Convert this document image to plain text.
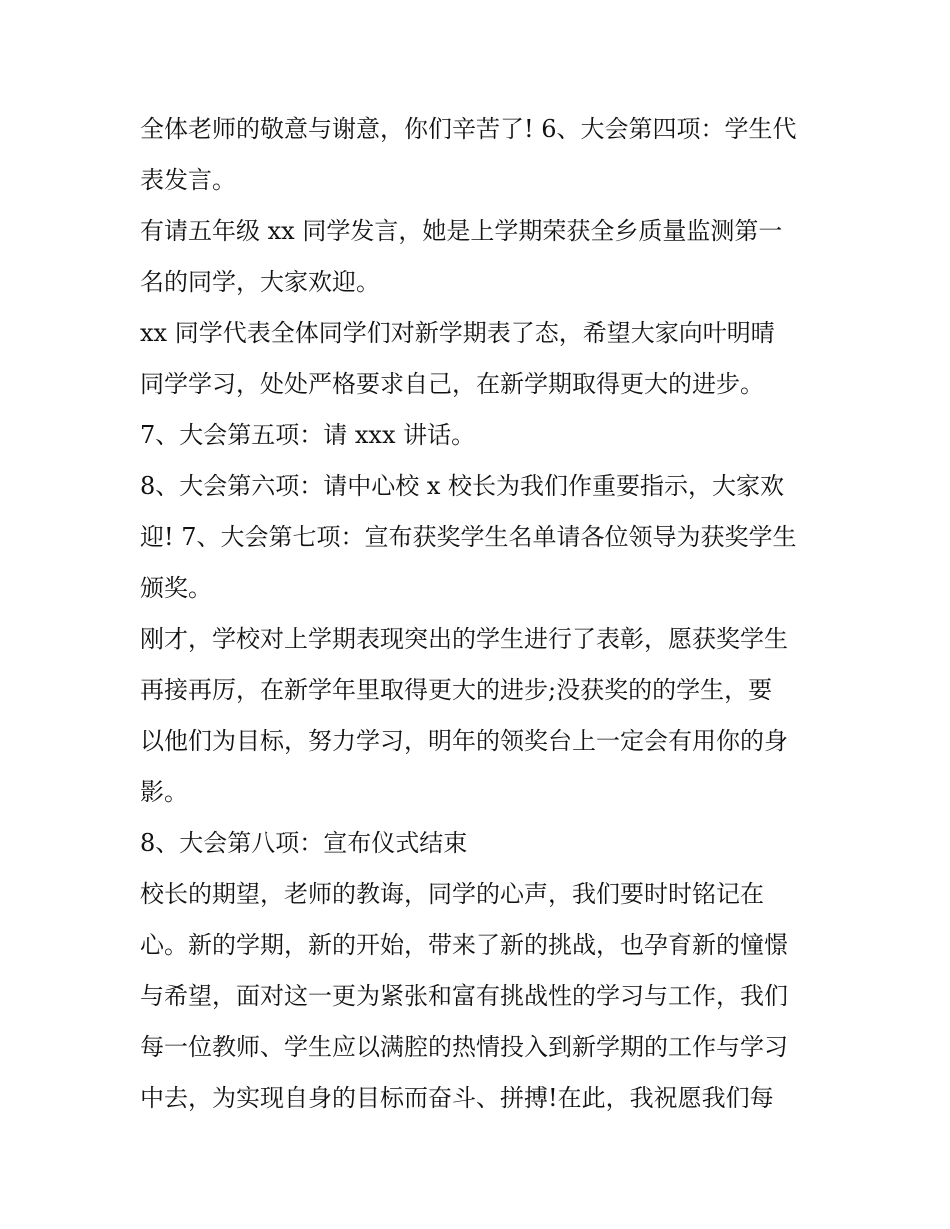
全体老师的敬意与谢意，你们辛苦了! 6、大会第四项：学生代
表发言。
有请五年级 xx 同学发言，她是上学期荣获全乡质量监测第一
名的同学，大家欢迎。
xx 同学代表全体同学们对新学期表了态，希望大家向叶明晴
同学学习，处处严格要求自己，在新学期取得更大的进步。
7、大会第五项：请 xxx 讲话。
8、大会第六项：请中心校 x 校长为我们作重要指示，大家欢
迎! 7、大会第七项：宣布获奖学生名单请各位领导为获奖学生
颁奖。
刚才，学校对上学期表现突出的学生进行了表彰，愿获奖学生
再接再厉，在新学年里取得更大的进步;没获奖的的学生，要
以他们为目标，努力学习，明年的领奖台上一定会有用你的身
影。
8、大会第八项：宣布仪式结束
校长的期望，老师的教诲，同学的心声，我们要时时铭记在
心。新的学期，新的开始，带来了新的挑战，也孕育新的憧憬
与希望，面对这一更为紧张和富有挑战性的学习与工作，我们
每一位教师、学生应以满腔的热情投入到新学期的工作与学习
中去，为实现自身的目标而奋斗、拼搏!在此，我祝愿我们每
